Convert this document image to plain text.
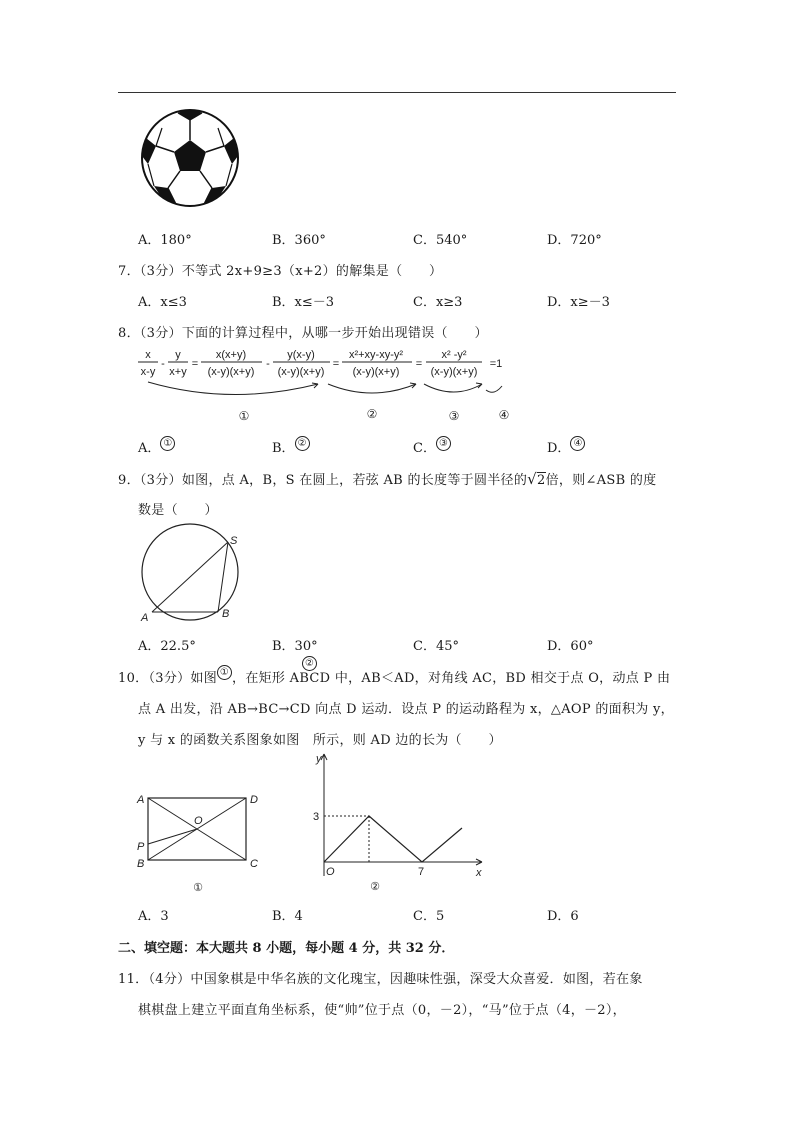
A．180°	B．360°	C．540°	D．720°
7．（3分）不等式 2x+9≥3（x+2）的解集是（　　）
A．x≤3	B．x≤－3	C．x≥3	D．x≥－3
8．（3分）下面的计算过程中，从哪一步开始出现错误（　　）
x
x-y
-
y
x+y
=
x(x+y)
(x-y)(x+y)
-
y(x-y)
(x-y)(x+y)
=
x²+xy-xy-y²
(x-y)(x+y)
=
x² -y²
(x-y)(x+y)
=1
①	②	③	④
A． ①	B． ②	C． ③	D． ④
9．（3分）如图，点 A，B，S 在圆上，若弦 AB 的长度等于圆半径的√2倍，则∠ASB 的度
数是（　　）
A	B
S
A．22.5°	B．30°	C．45°	D．60°
10．（3分）如图 ① ，在矩形 ABCD 中，AB＜AD，对角线 AC，BD 相交于点 O，动点 P 由
②
点 A 出发，沿 AB→BC→CD 向点 D 运动．设点 P 的运动路程为 x，△AOP 的面积为 y，
y 与 x 的函数关系图象如图　所示，则 AD 边的长为（　　）
A	D
B	C
O
P
①
y
x
O
3
7
②
A．3	B．4	C．5	D．6
二、填空题：本大题共 8 小题，每小题 4 分，共 32 分．
11．（4分）中国象棋是中华名族的文化瑰宝，因趣味性强，深受大众喜爱．如图，若在象
棋棋盘上建立平面直角坐标系，使“帅”位于点（0，－2），“马”位于点（4，－2），
